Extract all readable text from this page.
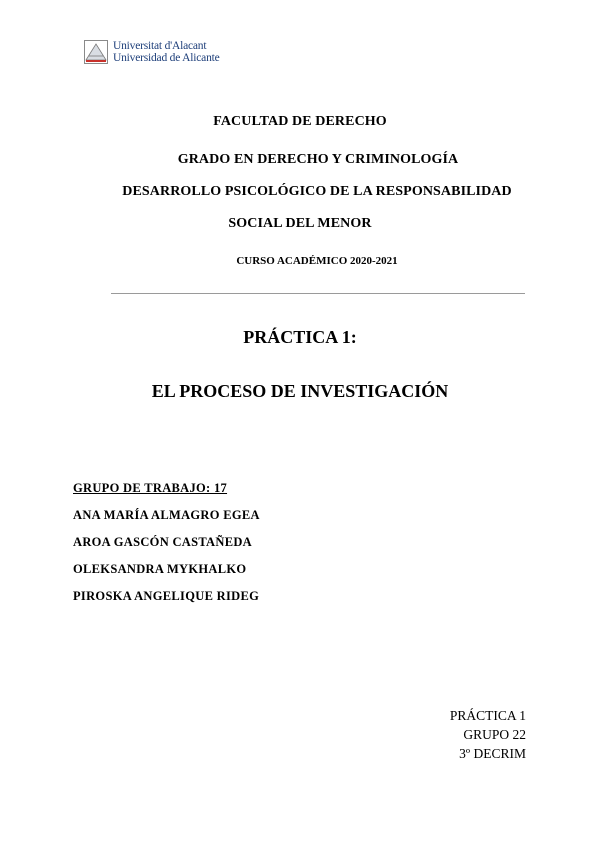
Universitat d'Alacant
Universidad de Alicante
FACULTAD DE DERECHO
GRADO EN DERECHO Y CRIMINOLOGÍA
DESARROLLO PSICOLÓGICO DE LA RESPONSABILIDAD
SOCIAL DEL MENOR
CURSO ACADÉMICO 2020-2021
PRÁCTICA 1:
EL PROCESO DE INVESTIGACIÓN
GRUPO DE TRABAJO: 17
ANA MARÍA ALMAGRO EGEA
AROA GASCÓN CASTAÑEDA
OLEKSANDRA MYKHALKO
PIROSKA ANGELIQUE RIDEG
PRÁCTICA 1
GRUPO 22
3º DECRIM
